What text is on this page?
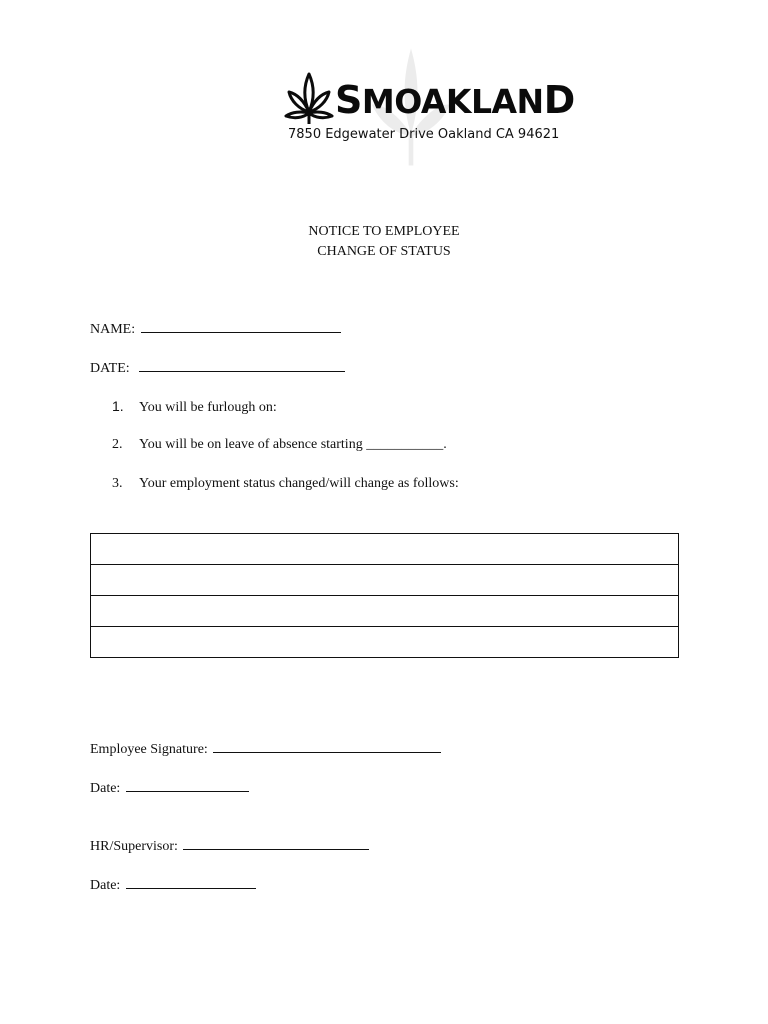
SMOAKLAND
7850 Edgewater Drive Oakland CA 94621
NOTICE TO EMPLOYEE
CHANGE OF STATUS
NAME:
DATE:
1. You will be furlough on:
2. You will be on leave of absence starting ___________.
3. Your employment status changed/will change as follows:

Employee Signature:
Date:
HR/Supervisor:
Date:
